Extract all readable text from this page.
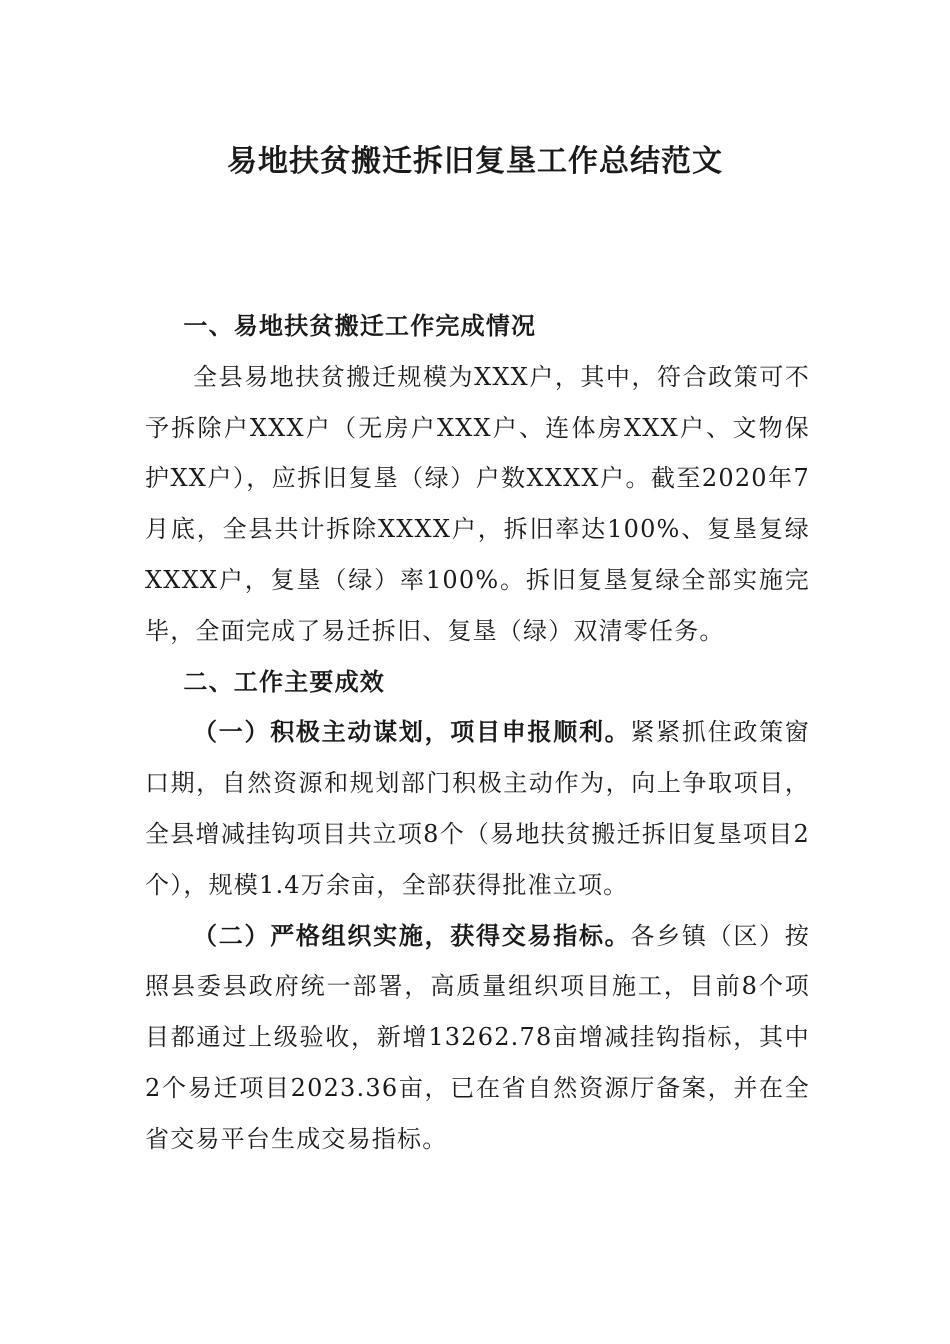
易地扶贫搬迁拆旧复垦工作总结范文

一、易地扶贫搬迁工作完成情况

全县易地扶贫搬迁规模为XXX户，其中，符合政策可不予拆除户XXX户（无房户XXX户、连体房XXX户、文物保护XX户），应拆旧复垦（绿）户数XXXX户。截至2020年7月底，全县共计拆除XXXX户，拆旧率达100%、复垦复绿XXXX户，复垦（绿）率100%。拆旧复垦复绿全部实施完毕，全面完成了易迁拆旧、复垦（绿）双清零任务。

二、工作主要成效

（一）积极主动谋划，项目申报顺利。紧紧抓住政策窗口期，自然资源和规划部门积极主动作为，向上争取项目，全县增减挂钩项目共立项8个（易地扶贫搬迁拆旧复垦项目2个），规模1.4万余亩，全部获得批准立项。

（二）严格组织实施，获得交易指标。各乡镇（区）按照县委县政府统一部署，高质量组织项目施工，目前8个项目都通过上级验收，新增13262.78亩增减挂钩指标，其中2个易迁项目2023.36亩，已在省自然资源厅备案，并在全省交易平台生成交易指标。
